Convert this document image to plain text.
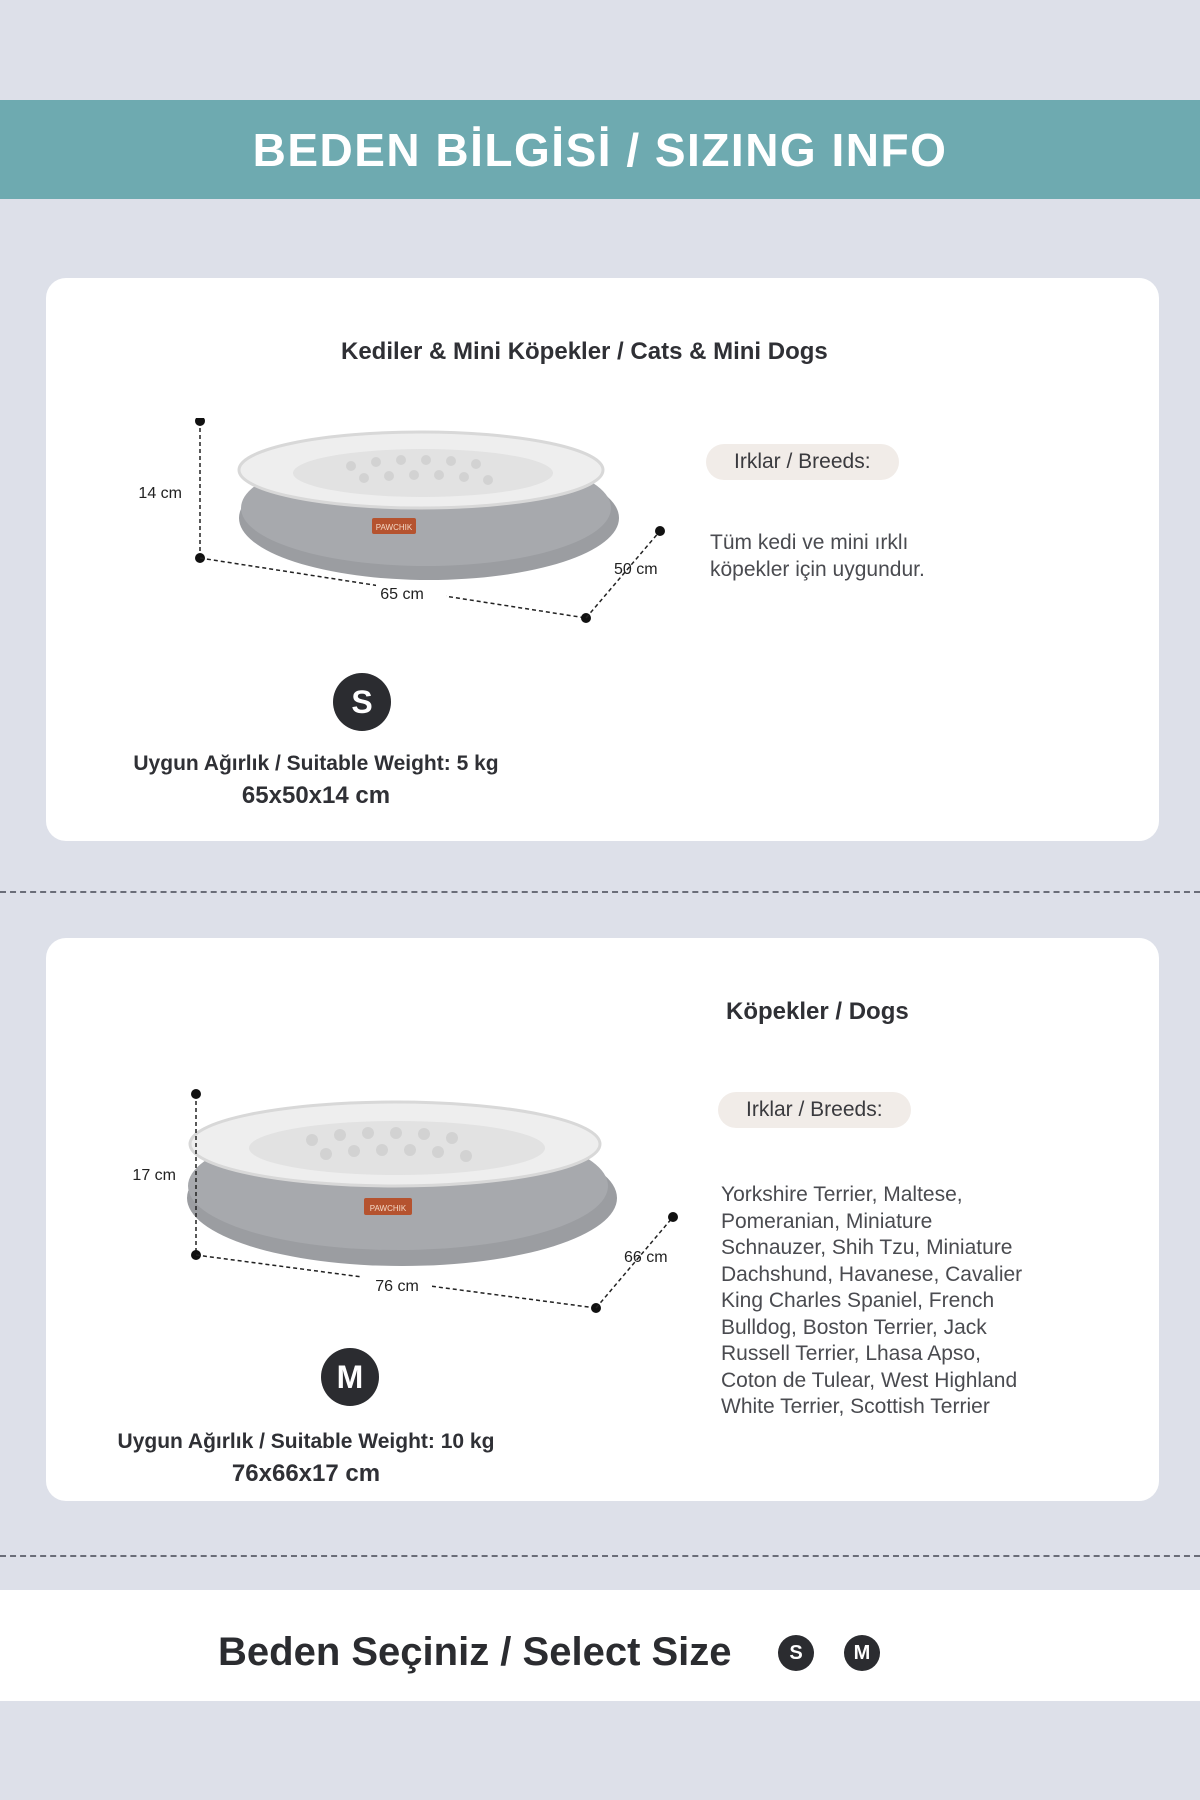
BEDEN BİLGİSİ / SIZING INFO
Kediler & Mini Köpekler / Cats & Mini Dogs
PAWCHIK
14 cm
65 cm
50 cm
S
Uygun Ağırlık / Suitable Weight: 5 kg
65x50x14 cm
Irklar / Breeds:

Tüm kedi ve mini ırklı köpekler için uygundur.

Köpekler / Dogs
PAWCHIK
17 cm
76 cm
66 cm
M
Uygun Ağırlık / Suitable Weight: 10 kg
76x66x17 cm
Irklar / Breeds:

Yorkshire Terrier, Maltese, Pomeranian, Miniature Schnauzer, Shih Tzu, Miniature Dachshund, Havanese, Cavalier King Charles Spaniel, French Bulldog, Boston Terrier, Jack Russell Terrier, Lhasa Apso, Coton de Tulear, West Highland White Terrier, Scottish Terrier

Beden Seçiniz / Select Size	S	M
